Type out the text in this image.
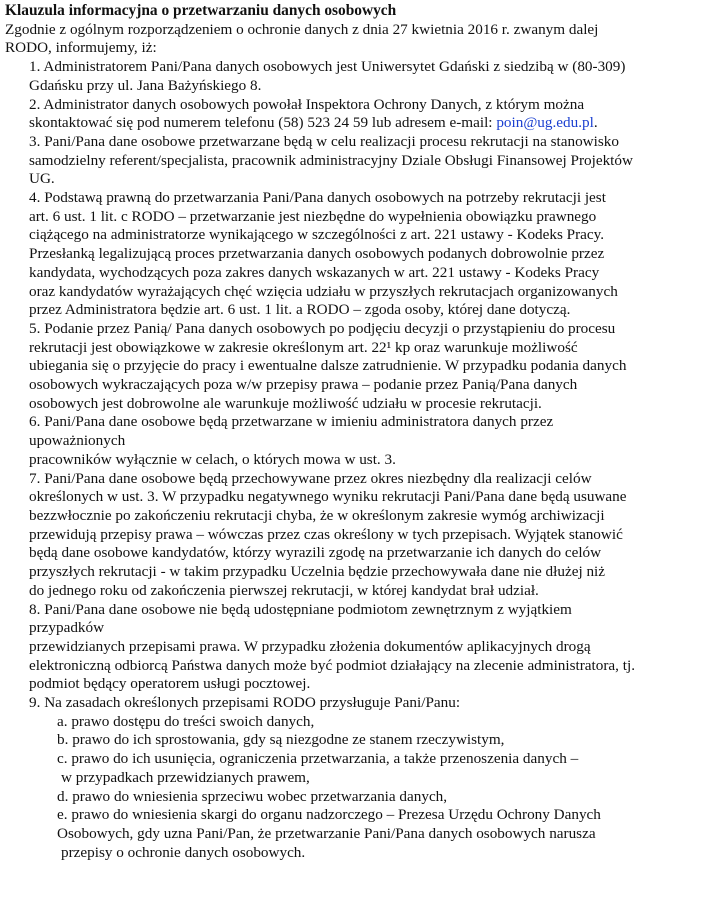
Klauzula informacyjna o przetwarzaniu danych osobowych
Zgodnie z ogólnym rozporządzeniem o ochronie danych z dnia 27 kwietnia 2016 r. zwanym dalej
RODO, informujemy, iż:
1. Administratorem Pani/Pana danych osobowych jest Uniwersytet Gdański z siedzibą w (80-309)
Gdańsku przy ul. Jana Bażyńskiego 8.
2. Administrator danych osobowych powołał Inspektora Ochrony Danych, z którym można
skontaktować się pod numerem telefonu (58) 523 24 59 lub adresem e-mail: poin@ug.edu.pl.
3. Pani/Pana dane osobowe przetwarzane będą w celu realizacji procesu rekrutacji na stanowisko
samodzielny referent/specjalista, pracownik administracyjny Dziale Obsługi Finansowej Projektów
UG.
4. Podstawą prawną do przetwarzania Pani/Pana danych osobowych na potrzeby rekrutacji jest
art. 6 ust. 1 lit. c RODO – przetwarzanie jest niezbędne do wypełnienia obowiązku prawnego
ciążącego na administratorze wynikającego w szczególności z art. 221 ustawy - Kodeks Pracy.
Przesłanką legalizującą proces przetwarzania danych osobowych podanych dobrowolnie przez
kandydata, wychodzących poza zakres danych wskazanych w art. 221 ustawy - Kodeks Pracy
oraz kandydatów wyrażających chęć wzięcia udziału w przyszłych rekrutacjach organizowanych
przez Administratora będzie art. 6 ust. 1 lit. a RODO – zgoda osoby, której dane dotyczą.
5. Podanie przez Panią/ Pana danych osobowych po podjęciu decyzji o przystąpieniu do procesu
rekrutacji jest obowiązkowe w zakresie określonym art. 22¹ kp oraz warunkuje możliwość
ubiegania się o przyjęcie do pracy i ewentualne dalsze zatrudnienie. W przypadku podania danych
osobowych wykraczających poza w/w przepisy prawa – podanie przez Panią/Pana danych
osobowych jest dobrowolne ale warunkuje możliwość udziału w procesie rekrutacji.
6. Pani/Pana dane osobowe będą przetwarzane w imieniu administratora danych przez
upoważnionych
pracowników wyłącznie w celach, o których mowa w ust. 3.
7. Pani/Pana dane osobowe będą przechowywane przez okres niezbędny dla realizacji celów
określonych w ust. 3. W przypadku negatywnego wyniku rekrutacji Pani/Pana dane będą usuwane
bezzwłocznie po zakończeniu rekrutacji chyba, że w określonym zakresie wymóg archiwizacji
przewidują przepisy prawa – wówczas przez czas określony w tych przepisach. Wyjątek stanowić
będą dane osobowe kandydatów, którzy wyrazili zgodę na przetwarzanie ich danych do celów
przyszłych rekrutacji - w takim przypadku Uczelnia będzie przechowywała dane nie dłużej niż
do jednego roku od zakończenia pierwszej rekrutacji, w której kandydat brał udział.
8. Pani/Pana dane osobowe nie będą udostępniane podmiotom zewnętrznym z wyjątkiem
przypadków
przewidzianych przepisami prawa. W przypadku złożenia dokumentów aplikacyjnych drogą
elektroniczną odbiorcą Państwa danych może być podmiot działający na zlecenie administratora, tj.
podmiot będący operatorem usługi pocztowej.
9. Na zasadach określonych przepisami RODO przysługuje Pani/Panu:
a. prawo dostępu do treści swoich danych,
b. prawo do ich sprostowania, gdy są niezgodne ze stanem rzeczywistym,
c. prawo do ich usunięcia, ograniczenia przetwarzania, a także przenoszenia danych –
w przypadkach przewidzianych prawem,
d. prawo do wniesienia sprzeciwu wobec przetwarzania danych,
e. prawo do wniesienia skargi do organu nadzorczego – Prezesa Urzędu Ochrony Danych
Osobowych, gdy uzna Pani/Pan, że przetwarzanie Pani/Pana danych osobowych narusza
przepisy o ochronie danych osobowych.
